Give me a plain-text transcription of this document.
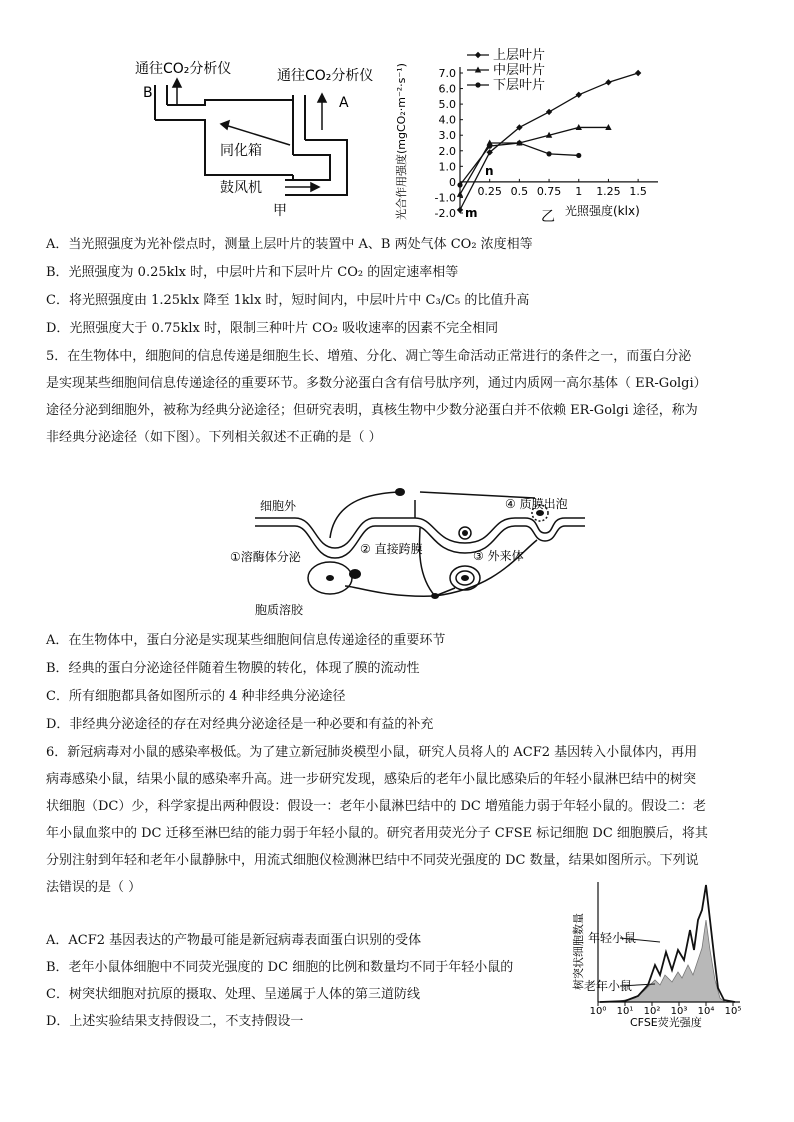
通往CO₂分析仪	通往CO₂分析仪
B
A
同化箱
鼓风机
甲	-2.0
-1.0
0
1.0
2.0
3.0
4.0
5.0
6.0
7.0
0.25 0.5 0.75 1 1.25 1.5
上层叶片
中层叶片
下层叶片
光合作用强度(mgCO₂·m⁻²·s⁻¹)	光照强度(klx)
乙
n
m
A．当光照强度为光补偿点时，测量上层叶片的装置中 A、B 两处气体 CO₂ 浓度相等
B．光照强度为 0.25klx 时，中层叶片和下层叶片 CO₂ 的固定速率相等
C．将光照强度由 1.25klx 降至 1klx 时，短时间内，中层叶片中 C₃/C₅ 的比值升高
D．光照强度大于 0.75klx 时，限制三种叶片 CO₂ 吸收速率的因素不完全相同
5．在生物体中，细胞间的信息传递是细胞生长、增殖、分化、凋亡等生命活动正常进行的条件之一，而蛋白分泌
是实现某些细胞间信息传递途径的重要环节。多数分泌蛋白含有信号肽序列，通过内质网一高尔基体（ ER-Golgi）
途径分泌到细胞外，被称为经典分泌途径；但研究表明，真核生物中少数分泌蛋白并不依赖 ER-Golgi 途径，称为
非经典分泌途径（如下图）。下列相关叙述不正确的是（ ）
细胞外
①溶酶体分泌
② 直接跨膜	③ 外来体
④ 质膜出泡
胞质溶胶
A．在生物体中，蛋白分泌是实现某些细胞间信息传递途径的重要环节
B．经典的蛋白分泌途径伴随着生物膜的转化，体现了膜的流动性
C．所有细胞都具备如图所示的 4 种非经典分泌途径
D．非经典分泌途径的存在对经典分泌途径是一种必要和有益的补充
6．新冠病毒对小鼠的感染率极低。为了建立新冠肺炎模型小鼠，研究人员将人的 ACF2 基因转入小鼠体内，再用
病毒感染小鼠，结果小鼠的感染率升高。进一步研究发现，感染后的老年小鼠比感染后的年轻小鼠淋巴结中的树突
状细胞（DC）少，科学家提出两种假设：假设一：老年小鼠淋巴结中的 DC 增殖能力弱于年轻小鼠的。假设二：老
年小鼠血浆中的 DC 迁移至淋巴结的能力弱于年轻小鼠的。研究者用荧光分子 CFSE 标记细胞 DC 细胞膜后，将其
分别注射到年轻和老年小鼠静脉中，用流式细胞仪检测淋巴结中不同荧光强度的 DC 数量，结果如图所示。下列说
法错误的是（ ）
A．ACF2 基因表达的产物最可能是新冠病毒表面蛋白识别的受体
B．老年小鼠体细胞中不同荧光强度的 DC 细胞的比例和数量均不同于年轻小鼠的
C．树突状细胞对抗原的摄取、处理、呈递属于人体的第三道防线
D．上述实验结果支持假设二，不支持假设一
树突状细胞数量 年轻小鼠
老年小鼠
10⁰ 10¹ 10² 10³ 10⁴ 10⁵
CFSE荧光强度
